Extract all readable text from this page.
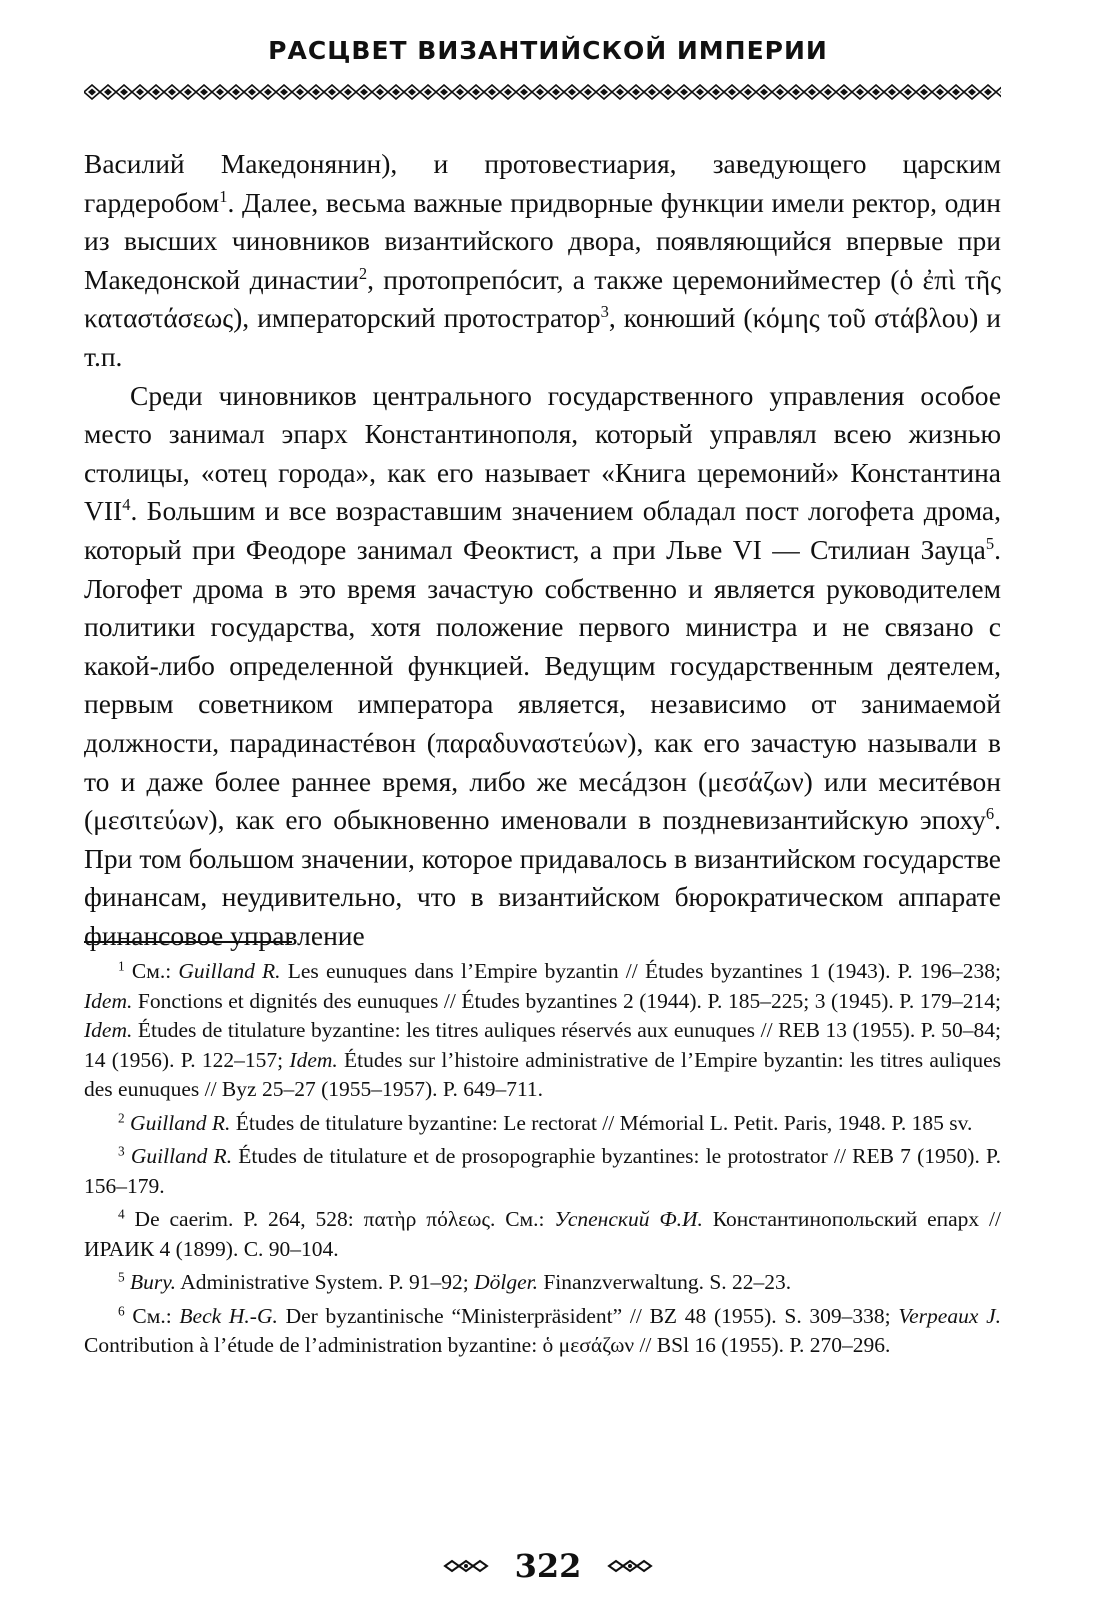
РАСЦВЕТ ВИЗАНТИЙСКОЙ ИМПЕРИИ

Василий Македонянин), и протовестиария, заведующего царским гардеробом$^1$. Далее, весьма важные придворные функции имели ректор, один из высших чиновников византийского двора, появляющийся впервые при Македонской династии$^2$, протопрепóсит, а также церемонийместер (ὁ ἐπὶ τῆς καταστάσεως), императорский протостратор$^3$, конюший (κόμης τοῦ στάβλου) и т.п.

Среди чиновников центрального государственного управления особое место занимал эпарх Константинополя, который управлял всею жизнью столицы, «отец города», как его называет «Книга церемоний» Константина VII$^4$. Большим и все возраставшим значением обладал пост логофета дрома, который при Феодоре занимал Феоктист, а при Льве VI — Стилиан Зауца$^5$. Логофет дрома в это время зачастую собственно и является руководителем политики государства, хотя положение первого министра и не связано с какой-либо определенной функцией. Ведущим государственным деятелем, первым советником императора является, независимо от занимаемой должности, парадинастéвон (παραδυναστεύων), как его зачастую называли в то и даже более раннее время, либо же месáдзон (μεσάζων) или меситéвон (μεσιτεύων), как его обыкновенно именовали в поздневизантийскую эпоху$^6$. При том большом значении, которое придавалось в византийском государстве финансам, неудивительно, что в византийском бюрократическом аппарате финансовое управление

$^1$ См.: Guilland R. Les eunuques dans l’Empire byzantin // Études byzantines 1 (1943). P. 196–238; Idem. Fonctions et dignités des eunuques // Études byzantines 2 (1944). P. 185–225; 3 (1945). P. 179–214; Idem. Études de titulature byzantine: les titres auliques réservés aux eunuques // REB 13 (1955). P. 50–84; 14 (1956). P. 122–157; Idem. Études sur l’histoire administrative de l’Empire byzantin: les titres auliques des eunuques // Byz 25–27 (1955–1957). P. 649–711.

$^2$ Guilland R. Études de titulature byzantine: Le rectorat // Mémorial L. Petit. Paris, 1948. P. 185 sv.

$^3$ Guilland R. Études de titulature et de prosopographie byzantines: le protostrator // REB 7 (1950). P. 156–179.

$^4$ De caerim. P. 264, 528: πατὴρ πόλεως. См.: Успенский Ф.И. Константинопольский епарх // ИРАИК 4 (1899). С. 90–104.

$^5$ Bury. Administrative System. P. 91–92; Dölger. Finanzverwaltung. S. 22–23.

$^6$ См.: Beck H.-G. Der byzantinische “Ministerpräsident” // BZ 48 (1955). S. 309–338; Verpeaux J. Contribution à l’étude de l’administration byzantine: ὁ μεσάζων // BSl 16 (1955). P. 270–296.

322
